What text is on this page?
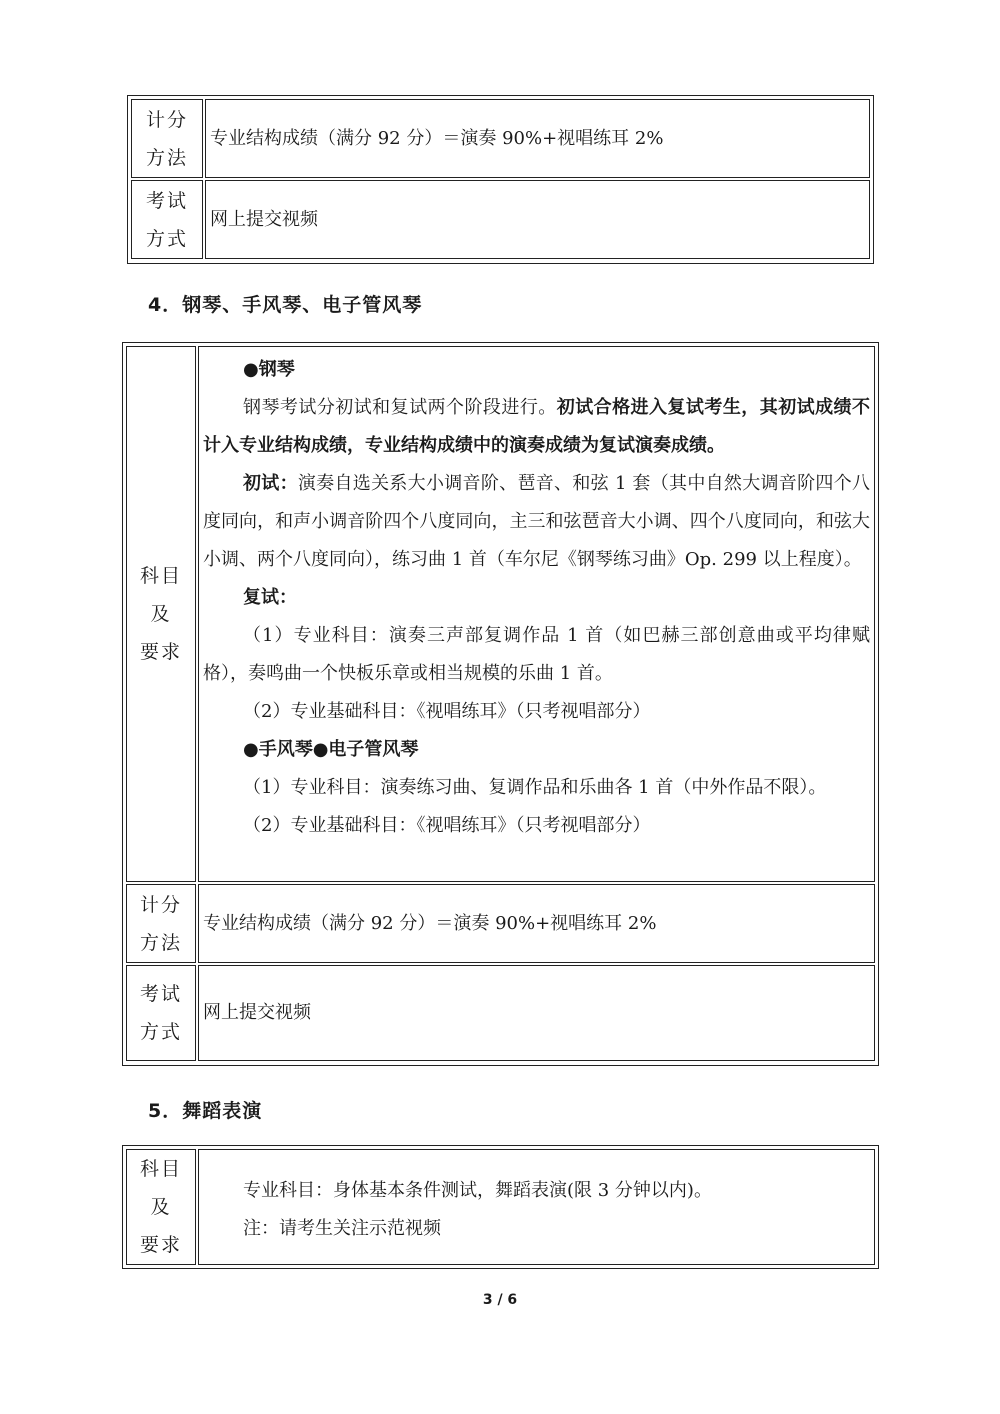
计分
方法
专业结构成绩（满分 92 分）＝演奏 90%+视唱练耳 2%
考试
方式
网上提交视频
4．钢琴、手风琴、电子管风琴
科目
及
要求

●钢琴

钢琴考试分初试和复试两个阶段进行。初试合格进入复试考生，其初试成绩不计入专业结构成绩，专业结构成绩中的演奏成绩为复试演奏成绩。

初试：演奏自选关系大小调音阶、琶音、和弦 1 套（其中自然大调音阶四个八度同向，和声小调音阶四个八度同向，主三和弦琶音大小调、四个八度同向，和弦大小调、两个八度同向），练习曲 1 首（车尔尼《钢琴练习曲》Op. 299 以上程度）。

复试：

（1）专业科目：演奏三声部复调作品 1 首（如巴赫三部创意曲或平均律赋格），奏鸣曲一个快板乐章或相当规模的乐曲 1 首。

（2）专业基础科目：《视唱练耳》（只考视唱部分）

●手风琴●电子管风琴

（1）专业科目：演奏练习曲、复调作品和乐曲各 1 首（中外作品不限）。

（2）专业基础科目：《视唱练耳》（只考视唱部分）

计分
方法
专业结构成绩（满分 92 分）＝演奏 90%+视唱练耳 2%
考试
方式
网上提交视频
5．舞蹈表演
科目
及
要求

专业科目：身体基本条件测试，舞蹈表演(限 3 分钟以内)。

注：请考生关注示范视频

3 / 6
